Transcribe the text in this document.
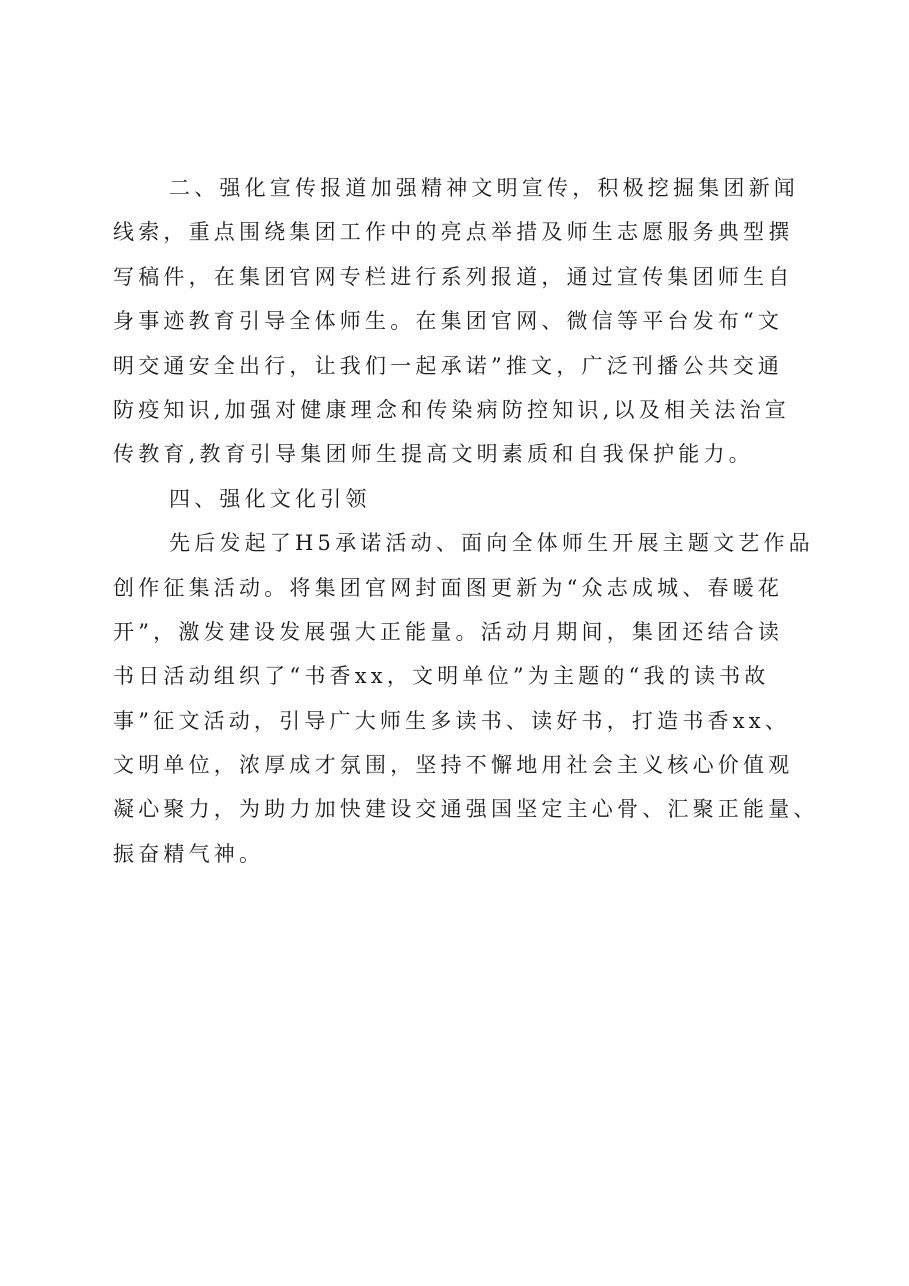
二、强化宣传报道加强精神文明宣传，积极挖掘集团新闻
线索，重点围绕集团工作中的亮点举措及师生志愿服务典型撰
写稿件，在集团官网专栏进行系列报道，通过宣传集团师生自
身事迹教育引导全体师生。在集团官网、微信等平台发布“文
明交通安全出行，让我们一起承诺”推文，广泛刊播公共交通
防疫知识,加强对健康理念和传染病防控知识,以及相关法治宣
传教育,教育引导集团师生提高文明素质和自我保护能力。
四、强化文化引领
先后发起了H5承诺活动、面向全体师生开展主题文艺作品
创作征集活动。将集团官网封面图更新为“众志成城、春暖花
开”，激发建设发展强大正能量。活动月期间，集团还结合读
书日活动组织了“书香xx，文明单位”为主题的“我的读书故
事”征文活动，引导广大师生多读书、读好书，打造书香xx、
文明单位，浓厚成才氛围，坚持不懈地用社会主义核心价值观
凝心聚力，为助力加快建设交通强国坚定主心骨、汇聚正能量、
振奋精气神。
